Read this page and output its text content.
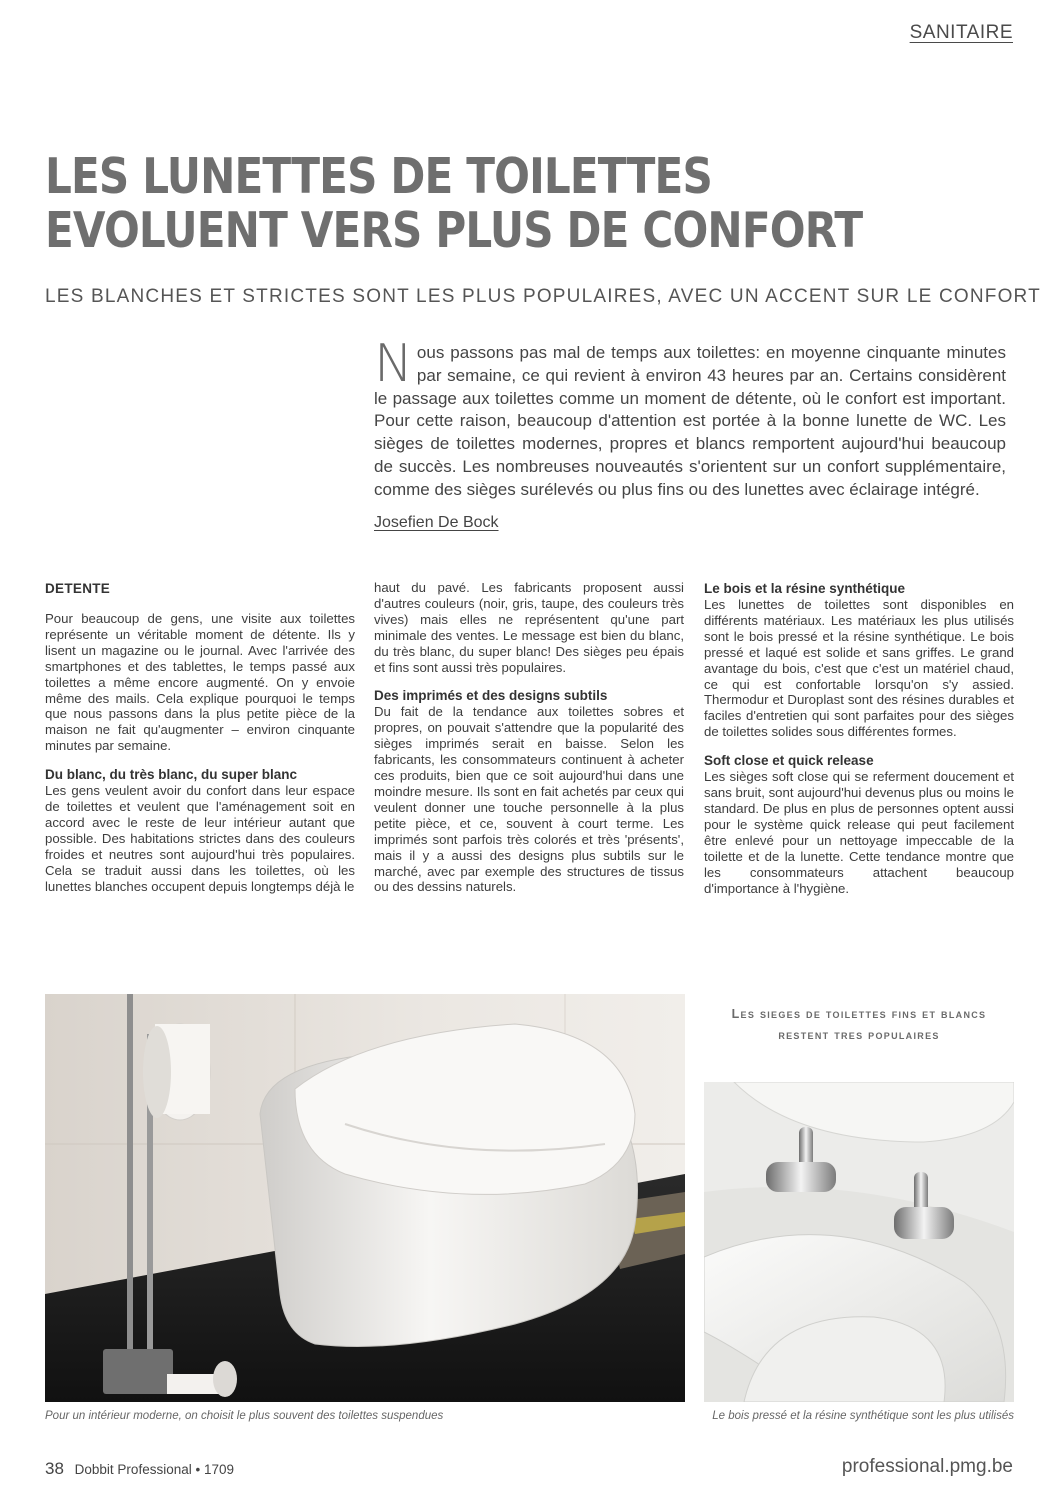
SANITAIRE
LES LUNETTES DE TOILETTES
EVOLUENT VERS PLUS DE CONFORT

LES BLANCHES ET STRICTES SONT LES PLUS POPULAIRES, AVEC UN ACCENT SUR LE CONFORT

Nous passons pas mal de temps aux toilettes: en moyenne cinquante minutes par semaine, ce qui revient à environ 43 heures par an. Certains considèrent le passage aux toilettes comme un moment de détente, où le confort est important. Pour cette raison, beaucoup d'attention est portée à la bonne lunette de WC. Les sièges de toilettes modernes, propres et blancs remportent aujourd'hui beaucoup de succès. Les nombreuses nouveautés s'orientent sur un confort supplémentaire, comme des sièges surélevés ou plus fins ou des lunettes avec éclairage intégré.

Josefien De Bock
DETENTE

Pour beaucoup de gens, une visite aux toilettes représente un véritable moment de détente. Ils y lisent un magazine ou le journal. Avec l'arrivée des smartphones et des tablettes, le temps passé aux toilettes a même encore augmenté. On y envoie même des mails. Cela explique pourquoi le temps que nous passons dans la plus petite pièce de la maison ne fait qu'augmenter – environ cinquante minutes par semaine.

Du blanc, du très blanc, du super blanc

Les gens veulent avoir du confort dans leur espace de toilettes et veulent que l'aménagement soit en accord avec le reste de leur intérieur autant que possible. Des habitations strictes dans des couleurs froides et neutres sont aujourd'hui très populaires. Cela se traduit aussi dans les toilettes, où les lunettes blanches occupent depuis longtemps déjà le

haut du pavé. Les fabricants proposent aussi d'autres couleurs (noir, gris, taupe, des couleurs très vives) mais elles ne représentent qu'une part minimale des ventes. Le message est bien du blanc, du très blanc, du super blanc! Des sièges peu épais et fins sont aussi très populaires.

Des imprimés et des designs subtils

Du fait de la tendance aux toilettes sobres et propres, on pouvait s'attendre que la popularité des sièges imprimés serait en baisse. Selon les fabricants, les consommateurs continuent à acheter ces produits, bien que ce soit aujourd'hui dans une moindre mesure. Ils sont en fait achetés par ceux qui veulent donner une touche personnelle à la plus petite pièce, et ce, souvent à court terme. Les imprimés sont parfois très colorés et très 'présents', mais il y a aussi des designs plus subtils sur le marché, avec par exemple des structures de tissus ou des dessins naturels.

Le bois et la résine synthétique

Les lunettes de toilettes sont disponibles en différents matériaux. Les matériaux les plus utilisés sont le bois pressé et la résine synthétique. Le bois pressé et laqué est solide et sans griffes. Le grand avantage du bois, c'est que c'est un matériel chaud, ce qui est confortable lorsqu'on s'y assied. Thermodur et Duroplast sont des résines durables et faciles d'entretien qui sont parfaites pour des sièges de toilettes solides sous différentes formes.

Soft close et quick release

Les sièges soft close qui se referment doucement et sans bruit, sont aujourd'hui devenus plus ou moins le standard. De plus en plus de personnes optent aussi pour le système quick release qui peut facilement être enlevé pour un nettoyage impeccable de la toilette et de la lunette. Cette tendance montre que les consommateurs attachent beaucoup d'importance à l'hygiène.

Les sieges de toilettes fins et blancs
restent tres populaires
Pour un intérieur moderne, on choisit le plus souvent des toilettes suspendues	Le bois pressé et la résine synthétique sont les plus utilisés
38 Dobbit Professional • 1709	professional.pmg.be
